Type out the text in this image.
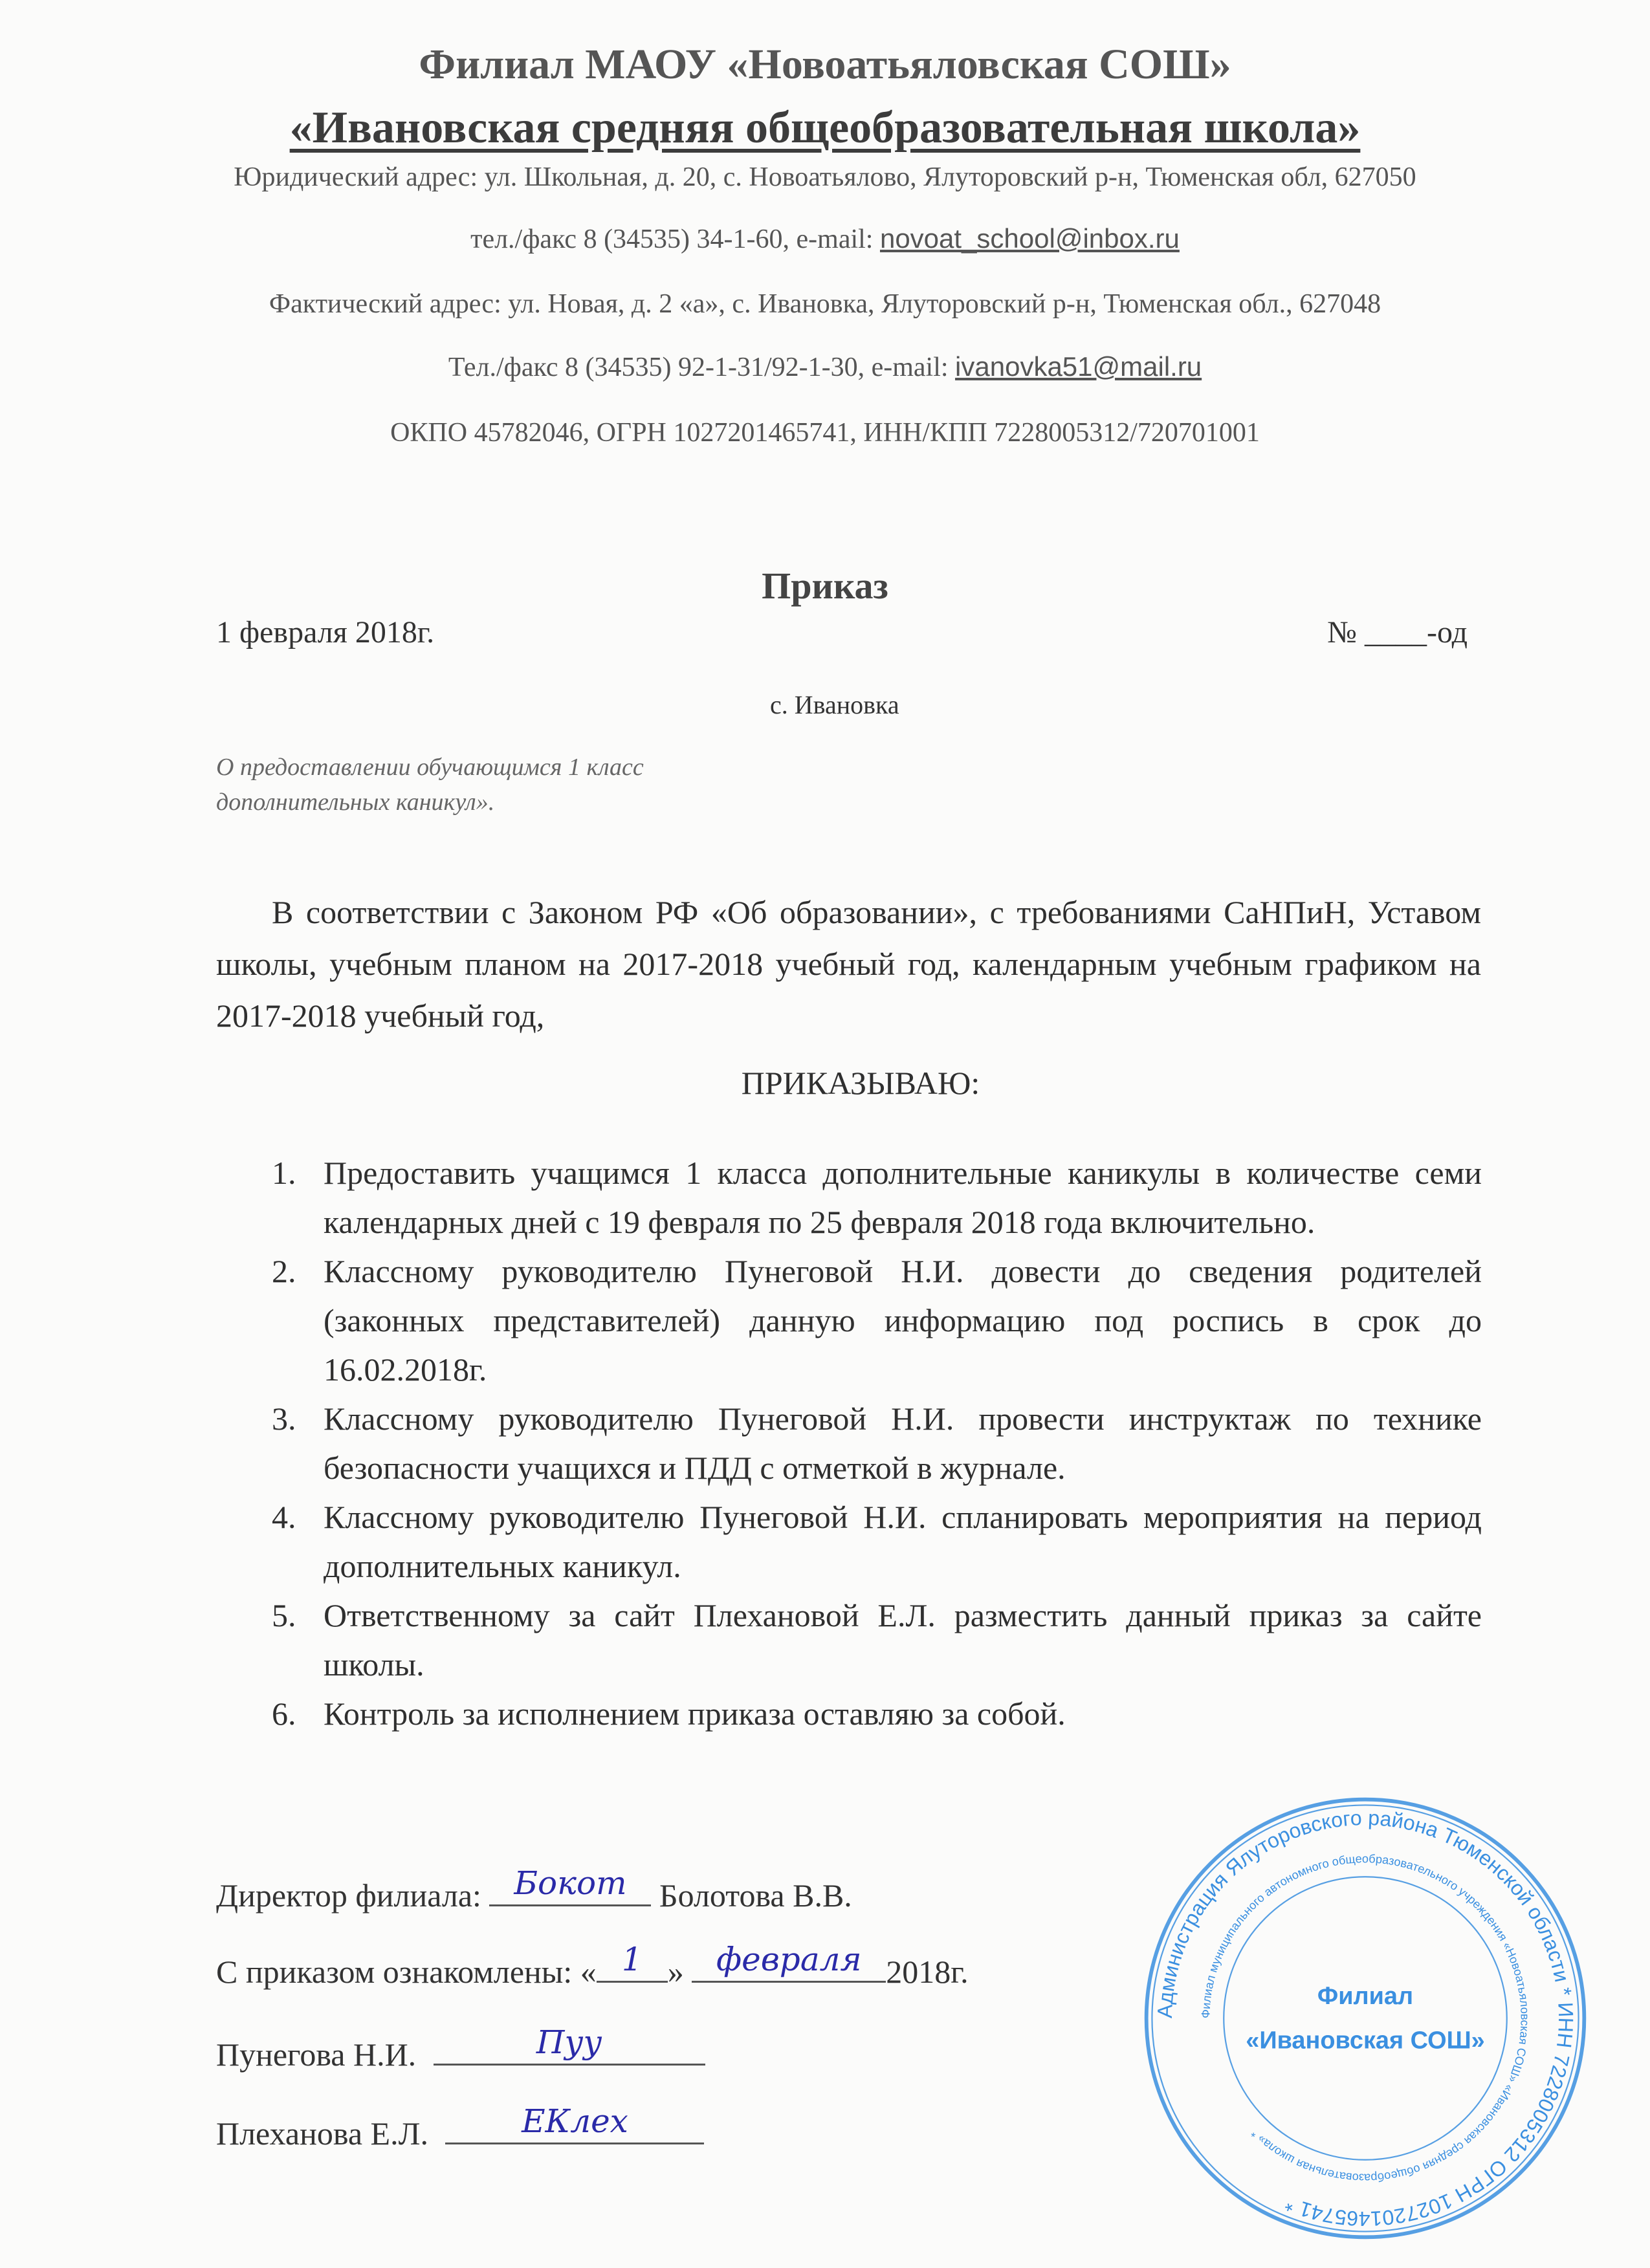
Филиал МАОУ «Новоатьяловская СОШ»
«Ивановская средняя общеобразовательная школа»
Юридический адрес: ул. Школьная, д. 20, с. Новоатьялово, Ялуторовский р-н, Тюменская обл, 627050
тел./факс 8 (34535) 34-1-60, e-mail: novoat_school@inbox.ru
Фактический адрес: ул. Новая, д. 2 «а», с. Ивановка, Ялуторовский р-н, Тюменская обл., 627048
Тел./факс 8 (34535) 92-1-31/92-1-30, e-mail: ivanovka51@mail.ru
ОКПО 45782046, ОГРН 1027201465741, ИНН/КПП 7228005312/720701001
Приказ
1 февраля 2018г.	№ ____-од
с. Ивановка
О предоставлении обучающимся 1 класс
дополнительных каникул».
В соответствии с Законом РФ «Об образовании», с требованиями СаНПиН, Уставом школы, учебным планом на 2017-2018 учебный год, календарным учебным графиком на 2017-2018 учебный год,
ПРИКАЗЫВАЮ:
1. Предоставить учащимся 1 класса дополнительные каникулы в количестве семи календарных дней с 19 февраля по 25 февраля 2018 года включительно.
2. Классному руководителю Пунеговой Н.И. довести до сведения родителей (законных представителей) данную информацию под роспись в срок до 16.02.2018г.
3. Классному руководителю Пунеговой Н.И. провести инструктаж по технике безопасности учащихся и ПДД с отметкой в журнале.
4. Классному руководителю Пунеговой Н.И. спланировать мероприятия на период дополнительных каникул.
5. Ответственному за сайт Плехановой Е.Л. разместить данный приказ за сайте школы.
6. Контроль за исполнением приказа оставляю за собой.
Администрация Ялуторовского района Тюменской области * ИНН 7228005312 ОГРН 1027201465741 *
Филиал муниципального автономного общеобразовательного учреждения «Новоатьяловская СОШ» «Ивановская средняя общеобразовательная школа» *
Филиал
«Ивановская СОШ»
Директор филиала:	Бокот	Болотова В.В.
С приказом ознакомлены: « 1 »	февраля 2018г.
Пунегова Н.И.	Пуу
Плеханова Е.Л.	ЕКлех
